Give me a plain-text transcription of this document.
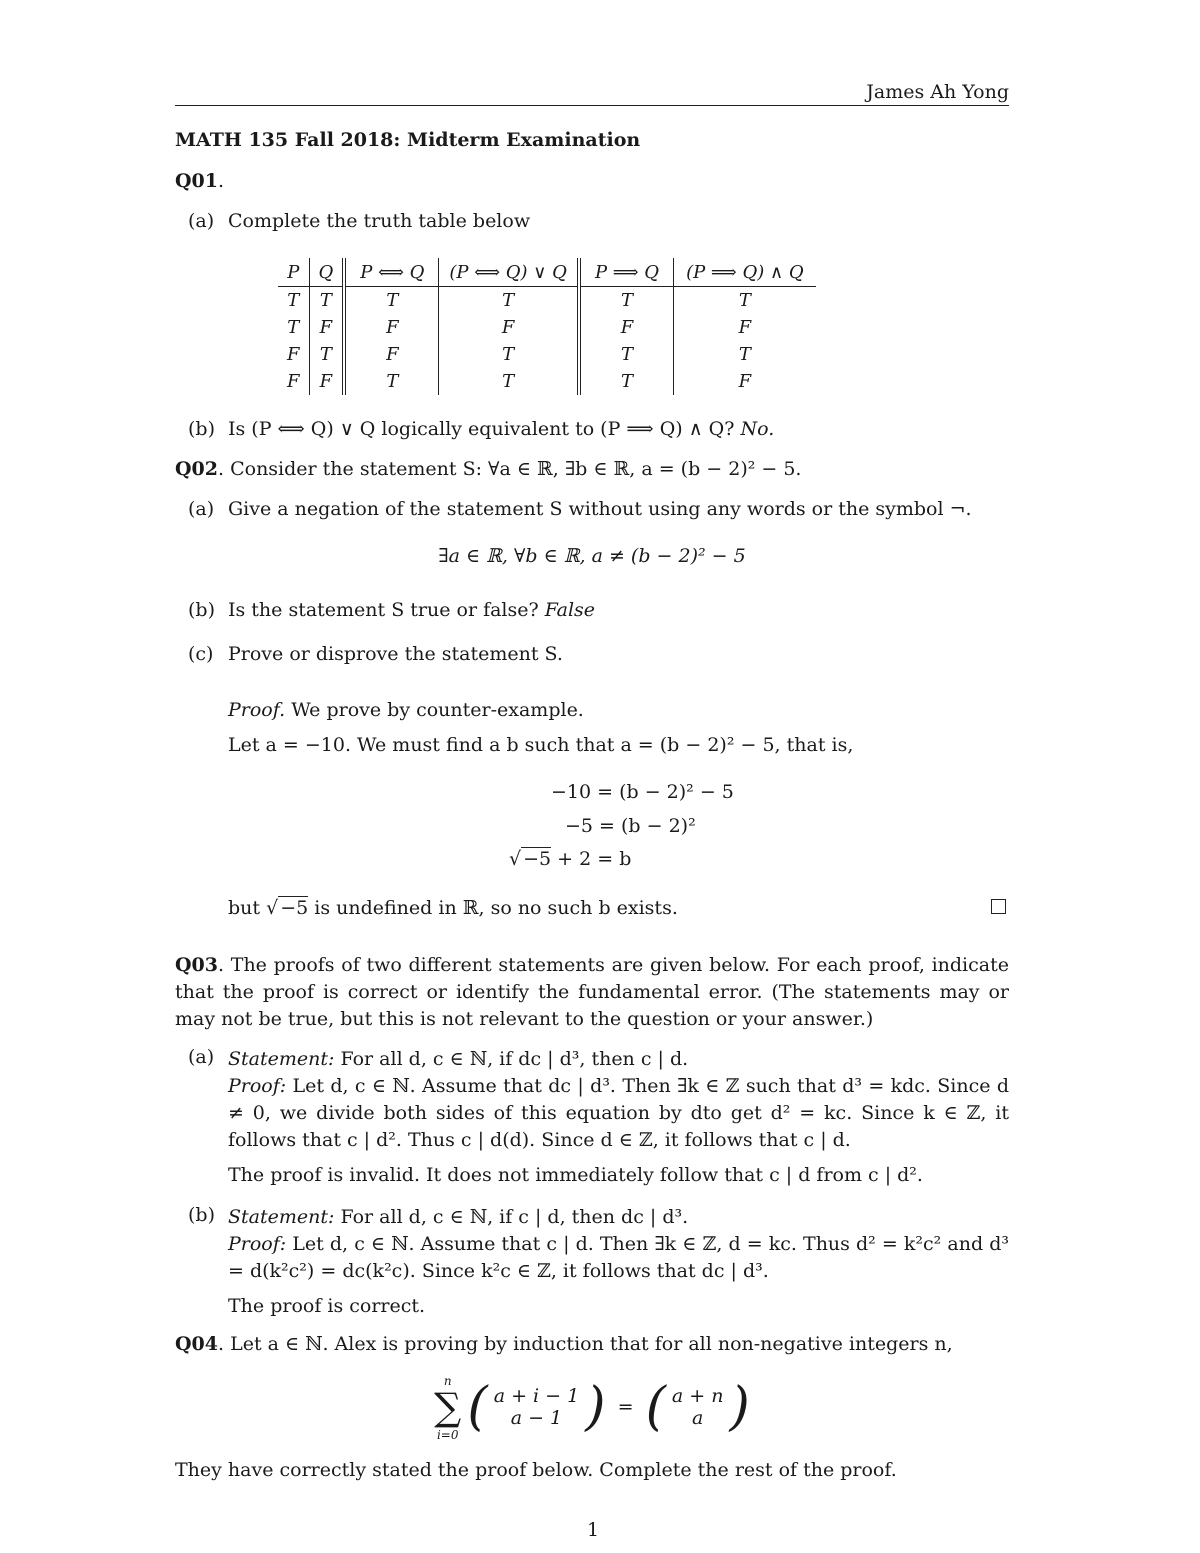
James Ah Yong
MATH 135 Fall 2018: Midterm Examination
Q01.
(a) Complete the truth table below
P	Q	P ⟺ Q	(P ⟺ Q) ∨ Q	P ⟹ Q	(P ⟹ Q) ∧ Q
T	T	T	T	T	T
T	F	F	F	F	F
F	T	F	T	T	T
F	F	T	T	T	F
(b) Is (P ⟺ Q) ∨ Q logically equivalent to (P ⟹ Q) ∧ Q? No.
Q02. Consider the statement S: ∀a ∈ ℝ, ∃b ∈ ℝ, a = (b − 2)² − 5.
(a) Give a negation of the statement S without using any words or the symbol ¬.
∃a ∈ ℝ, ∀b ∈ ℝ, a ≠ (b − 2)² − 5
(b) Is the statement S true or false? False
(c) Prove or disprove the statement S.
Proof. We prove by counter-example.
Let a = −10. We must find a b such that a = (b − 2)² − 5, that is,
−10 = (b − 2)² − 5
−5 = (b − 2)²
√ −5 + 2 = b
but √ −5 is undefined in ℝ, so no such b exists.
Q03. The proofs of two different statements are given below. For each proof, indicate that the proof is correct or identify the fundamental error. (The statements may or may not be true, but this is not relevant to the question or your answer.)
(a) Statement: For all d, c ∈ ℕ, if dc | d³, then c | d.
Proof: Let d, c ∈ ℕ. Assume that dc | d³. Then ∃k ∈ ℤ such that d³ = kdc. Since d ≠ 0, we divide both sides of this equation by dto get d² = kc. Since k ∈ ℤ, it follows that c | d². Thus c | d(d). Since d ∈ ℤ, it follows that c | d.
The proof is invalid. It does not immediately follow that c | d from c | d².
(b) Statement: For all d, c ∈ ℕ, if c | d, then dc | d³.
Proof: Let d, c ∈ ℕ. Assume that c | d. Then ∃k ∈ ℤ, d = kc. Thus d² = k²c² and d³ = d(k²c²) = dc(k²c). Since k²c ∈ ℤ, it follows that dc | d³.
The proof is correct.
Q04. Let a ∈ ℕ. Alex is proving by induction that for all non-negative integers n,
n
∑
i=0 ( a + i − 1
a − 1 ) = ( a + n
a )
They have correctly stated the proof below. Complete the rest of the proof.
1
